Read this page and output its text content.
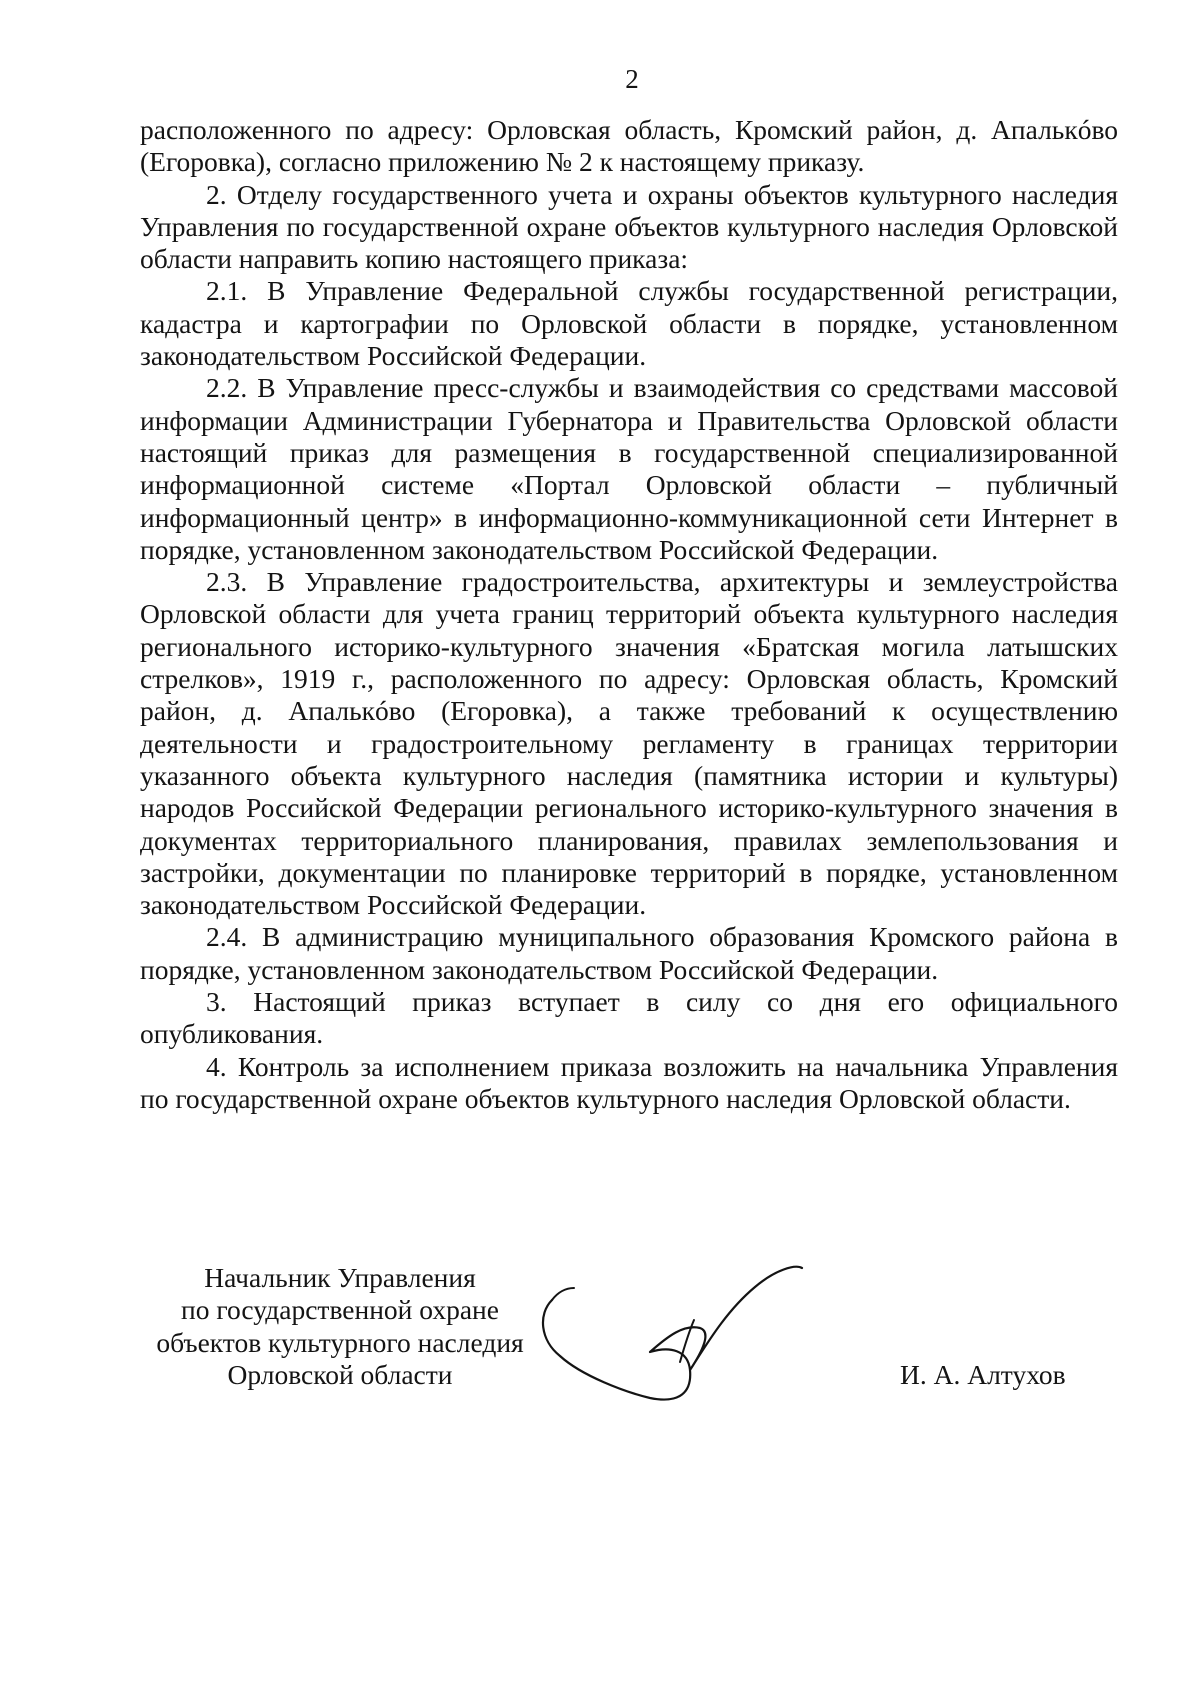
2

расположенного по адресу: Орловская область, Кромский район, д. Апалькóво (Егоровка), согласно приложению № 2 к настоящему приказу.

2. Отделу государственного учета и охраны объектов культурного наследия Управления по государственной охране объектов культурного наследия Орловской области направить копию настоящего приказа:

2.1. В Управление Федеральной службы государственной регистрации, кадастра и картографии по Орловской области в порядке, установленном законодательством Российской Федерации.

2.2. В Управление пресс-службы и взаимодействия со средствами массовой информации Администрации Губернатора и Правительства Орловской области настоящий приказ для размещения в государственной специализированной информационной системе «Портал Орловской области – публичный информационный центр» в информационно-коммуникационной сети Интернет в порядке, установленном законодательством Российской Федерации.

2.3. В Управление градостроительства, архитектуры и землеустройства Орловской области для учета границ территорий объекта культурного наследия регионального историко-культурного значения «Братская могила латышских стрелков», 1919 г., расположенного по адресу: Орловская область, Кромский район, д. Апалькóво (Егоровка), а также требований к осуществлению деятельности и градостроительному регламенту в границах территории указанного объекта культурного наследия (памятника истории и культуры) народов Российской Федерации регионального историко-культурного значения в документах территориального планирования, правилах землепользования и застройки, документации по планировке территорий в порядке, установленном законодательством Российской Федерации.

2.4. В администрацию муниципального образования Кромского района в порядке, установленном законодательством Российской Федерации.

3. Настоящий приказ вступает в силу со дня его официального опубликования.

4. Контроль за исполнением приказа возложить на начальника Управления по государственной охране объектов культурного наследия Орловской области.

Начальник Управления
по государственной охране
объектов культурного наследия
Орловской области	И. А. Алтухов
